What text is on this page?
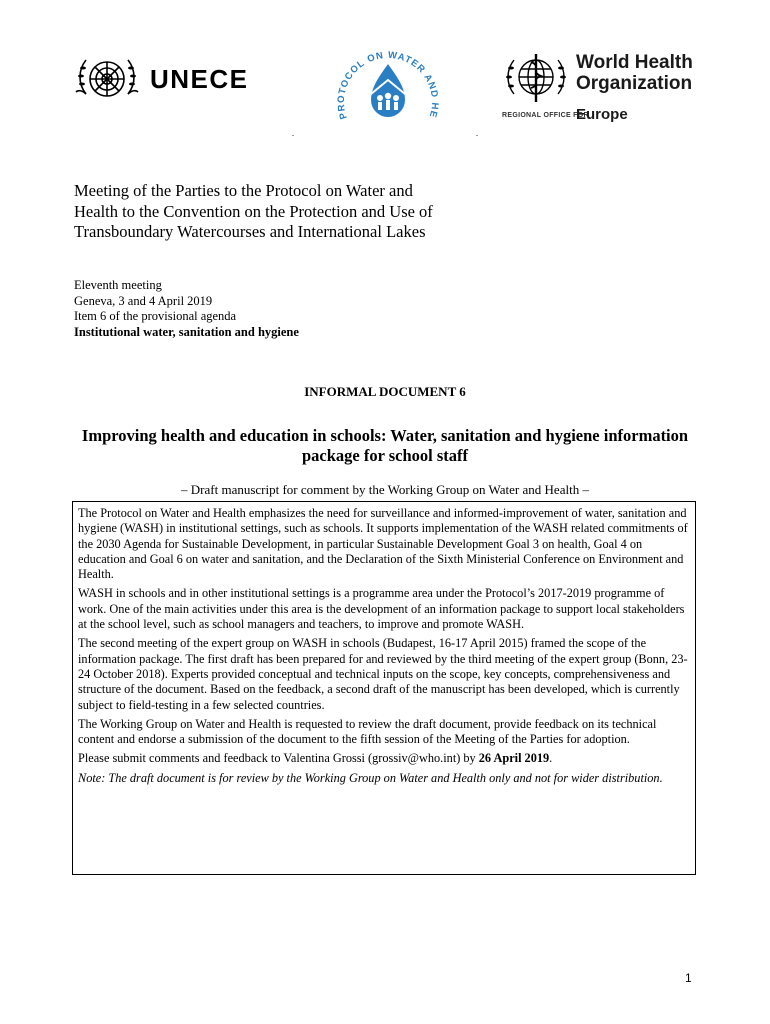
UNECE
PROTOCOL ON WATER AND HE
World Health
Organization
REGIONAL OFFICE FOR
Europe
Meeting of the Parties to the Protocol on Water and Health to the Convention on the Protection and Use of Transboundary Watercourses and International Lakes
Eleventh meeting
Geneva, 3 and 4 April 2019
Item 6 of the provisional agenda
Institutional water, sanitation and hygiene
INFORMAL DOCUMENT 6
Improving health and education in schools: Water, sanitation and hygiene information package for school staff
– Draft manuscript for comment by the Working Group on Water and Health –

The Protocol on Water and Health emphasizes the need for surveillance and informed-improvement of water, sanitation and hygiene (WASH) in institutional settings, such as schools. It supports implementation of the WASH related commitments of the 2030 Agenda for Sustainable Development, in particular Sustainable Development Goal 3 on health, Goal 4 on education and Goal 6 on water and sanitation, and the Declaration of the Sixth Ministerial Conference on Environment and Health.

WASH in schools and in other institutional settings is a programme area under the Protocol’s 2017-2019 programme of work. One of the main activities under this area is the development of an information package to support local stakeholders at the school level, such as school managers and teachers, to improve and promote WASH.

The second meeting of the expert group on WASH in schools (Budapest, 16-17 April 2015) framed the scope of the information package. The first draft has been prepared for and reviewed by the third meeting of the expert group (Bonn, 23-24 October 2018). Experts provided conceptual and technical inputs on the scope, key concepts, comprehensiveness and structure of the document. Based on the feedback, a second draft of the manuscript has been developed, which is currently subject to field-testing in a few selected countries.

The Working Group on Water and Health is requested to review the draft document, provide feedback on its technical content and endorse a submission of the document to the fifth session of the Meeting of the Parties for adoption.

Please submit comments and feedback to Valentina Grossi (grossiv@who.int) by 26 April 2019.

Note: The draft document is for review by the Working Group on Water and Health only and not for wider distribution.

1
